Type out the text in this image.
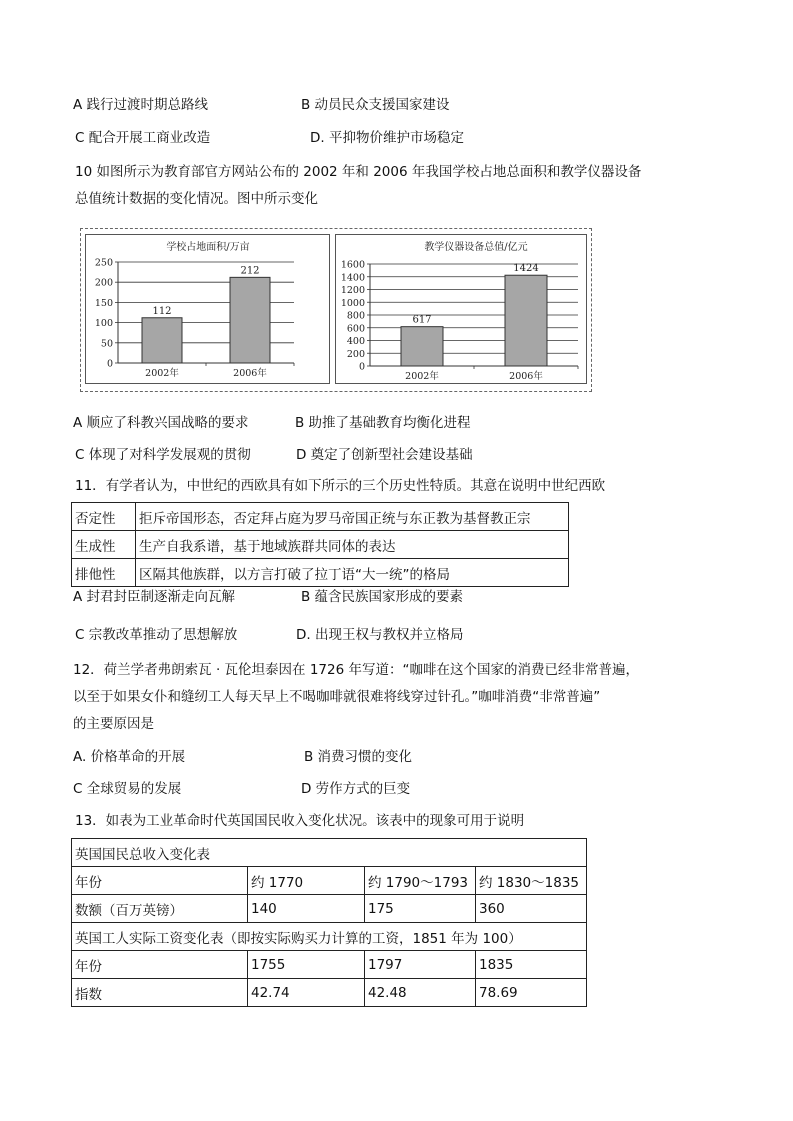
A 践行过渡时期总路线	B 动员民众支援国家建设
C 配合开展工商业改造	D. 平抑物价维护市场稳定
10 如图所示为教育部官方网站公布的 2002 年和 2006 年我国学校占地总面积和教学仪器设备
总值统计数据的变化情况。图中所示变化
学校占地面积/万亩
0
50
100
150
200
250
112
2002年
212
2006年
教学仪器设备总值/亿元
0
200
400
600
800
1000
1200
1400
1600
617
2002年
1424
2006年
A 顺应了科教兴国战略的要求	B 助推了基础教育均衡化进程
C 体现了对科学发展观的贯彻	D 奠定了创新型社会建设基础
11．有学者认为，中世纪的西欧具有如下所示的三个历史性特质。其意在说明中世纪西欧
否定性	拒斥帝国形态，否定拜占庭为罗马帝国正统与东正教为基督教正宗
生成性	生产自我系谱，基于地域族群共同体的表达
排他性	区隔其他族群，以方言打破了拉丁语“大一统”的格局
A 封君封臣制逐渐走向瓦解	B 蕴含民族国家形成的要素
C 宗教改革推动了思想解放	D. 出现王权与教权并立格局
12．荷兰学者弗朗索瓦 · 瓦伦坦泰因在 1726 年写道：“咖啡在这个国家的消费已经非常普遍，
以至于如果女仆和缝纫工人每天早上不喝咖啡就很难将线穿过针孔。”咖啡消费“非常普遍”
的主要原因是
A. 价格革命的开展	B 消费习惯的变化
C 全球贸易的发展	D 劳作方式的巨变
13．如表为工业革命时代英国国民收入变化状况。该表中的现象可用于说明
英国国民总收入变化表			
年份	约 1770	约 1790～1793	约 1830～1835
数额（百万英镑）	140	175	360
英国工人实际工资变化表（即按实际购买力计算的工资，1851 年为 100）			
年份	1755	1797	1835
指数	42.74	42.48	78.69
